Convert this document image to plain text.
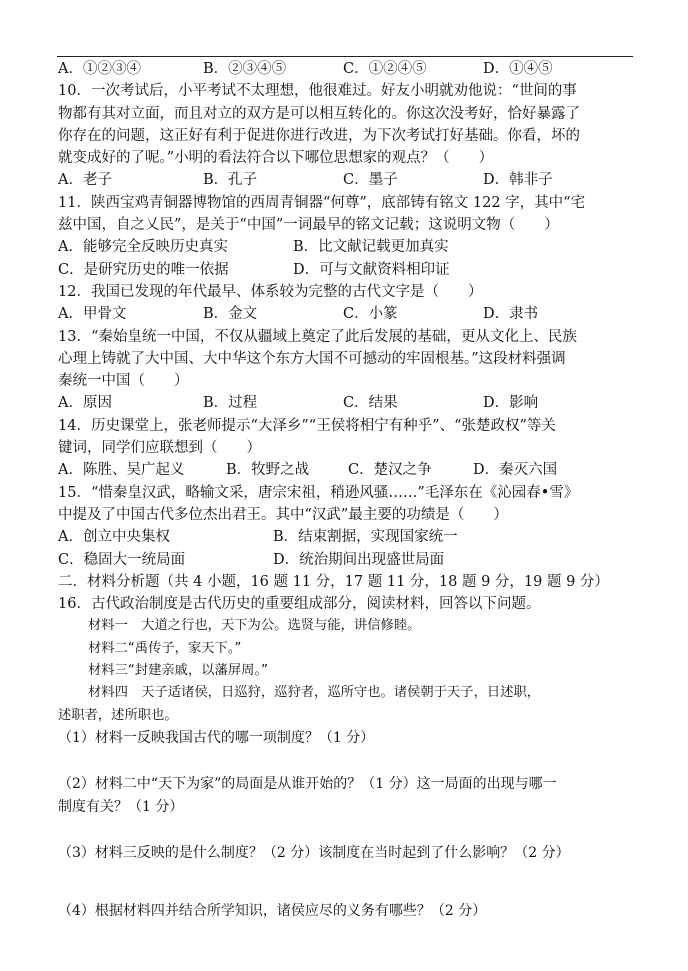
A．①②③④	B．②③④⑤	C．①②④⑤	D．①④⑤
10．一次考试后，小平考试不太理想，他很难过。好友小明就劝他说：“世间的事
物都有其对立面，而且对立的双方是可以相互转化的。你这次没考好，恰好暴露了
你存在的问题，这正好有利于促进你进行改进，为下次考试打好基础。你看，坏的
就变成好的了呢。”小明的看法符合以下哪位思想家的观点？（　　）
A．老子	B．孔子	C．墨子	D．韩非子
11．陕西宝鸡青铜器博物馆的西周青铜器“何尊”，底部铸有铭文 122 字，其中“宅
兹中国，自之乂民”，是关于“中国”一词最早的铭文记载；这说明文物（　　）
A．能够完全反映历史真实	B．比文献记载更加真实
C．是研究历史的唯一依据	D．可与文献资料相印证
12．我国已发现的年代最早、体系较为完整的古代文字是（　　）
A．甲骨文	B．金文	C．小篆	D．隶书
13．“秦始皇统一中国，不仅从疆域上奠定了此后发展的基础，更从文化上、民族
心理上铸就了大中国、大中华这个东方大国不可撼动的牢固根基。”这段材料强调
秦统一中国（　　）
A．原因	B．过程	C．结果	D．影响
14．历史课堂上，张老师提示“大泽乡”“王侯将相宁有种乎”、“张楚政权”等关
键词，同学们应联想到（　　）
A．陈胜、吴广起义	B．牧野之战	C．楚汉之争	D．秦灭六国
15．“惜秦皇汉武，略输文采，唐宗宋祖，稍逊风骚……”毛泽东在《沁园春•雪》
中提及了中国古代多位杰出君王。其中“汉武”最主要的功绩是（　　）
A．创立中央集权	B．结束割据，实现国家统一
C．稳固大一统局面	D．统治期间出现盛世局面
二．材料分析题（共 4 小题，16 题 11 分，17 题 11 分，18 题 9 分，19 题 9 分）
16．古代政治制度是古代历史的重要组成部分，阅读材料，回答以下问题。
材料一　大道之行也，天下为公。选贤与能，讲信修睦。
材料二“禹传子，家天下。”
材料三“封建亲戚，以藩屏周。”
材料四　天子适诸侯，日巡狩，巡狩者，巡所守也。诸侯朝于天子，日述职，
述职者，述所职也。
（1）材料一反映我国古代的哪一项制度？（1 分）
（2）材料二中“天下为家”的局面是从谁开始的？（1 分）这一局面的出现与哪一
制度有关？（1 分）
（3）材料三反映的是什么制度？（2 分）该制度在当时起到了什么影响？（2 分）
（4）根据材料四并结合所学知识，诸侯应尽的义务有哪些？（2 分）
